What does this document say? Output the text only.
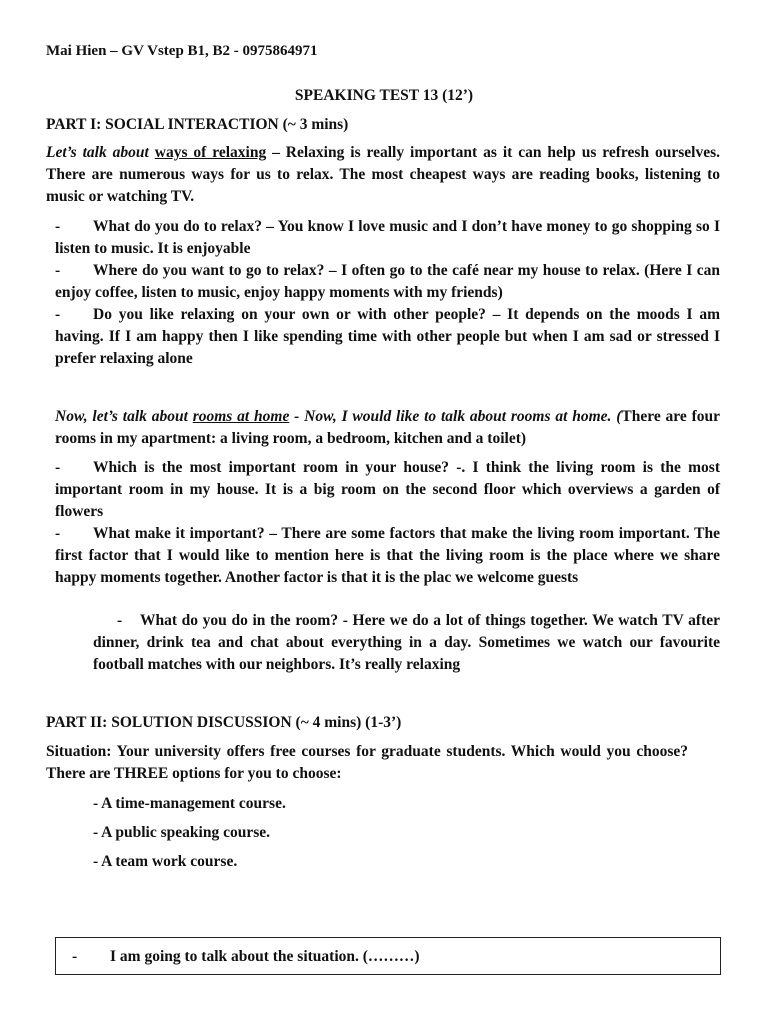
Mai Hien – GV Vstep B1, B2 - 0975864971
SPEAKING TEST 13 (12’)
PART I: SOCIAL INTERACTION (~ 3 mins)
Let’s talk about ways of relaxing – Relaxing is really important as it can help us refresh ourselves. There are numerous ways for us to relax. The most cheapest ways are reading books, listening to music or watching TV.
- What do you do to relax? – You know I love music and I don’t have money to go shopping so I listen to music. It is enjoyable
- Where do you want to go to relax? – I often go to the café near my house to relax. (Here I can enjoy coffee, listen to music, enjoy happy moments with my friends)
- Do you like relaxing on your own or with other people? – It depends on the moods I am having. If I am happy then I like spending time with other people but when I am sad or stressed I prefer relaxing alone
Now, let’s talk about rooms at home - Now, I would like to talk about rooms at home. (There are four rooms in my apartment: a living room, a bedroom, kitchen and a toilet)
- Which is the most important room in your house? -. I think the living room is the most important room in my house. It is a big room on the second floor which overviews a garden of flowers
- What make it important? – There are some factors that make the living room important. The first factor that I would like to mention here is that the living room is the place where we share happy moments together. Another factor is that it is the plac we welcome guests
- What do you do in the room? - Here we do a lot of things together. We watch TV after dinner, drink tea and chat about everything in a day. Sometimes we watch our favourite football matches with our neighbors. It’s really relaxing
PART II: SOLUTION DISCUSSION (~ 4 mins) (1-3’)
Situation: Your university offers free courses for graduate students. Which would you choose? There are THREE options for you to choose:
- A time-management course.
- A public speaking course.
- A team work course.
- I am going to talk about the situation. (………)
